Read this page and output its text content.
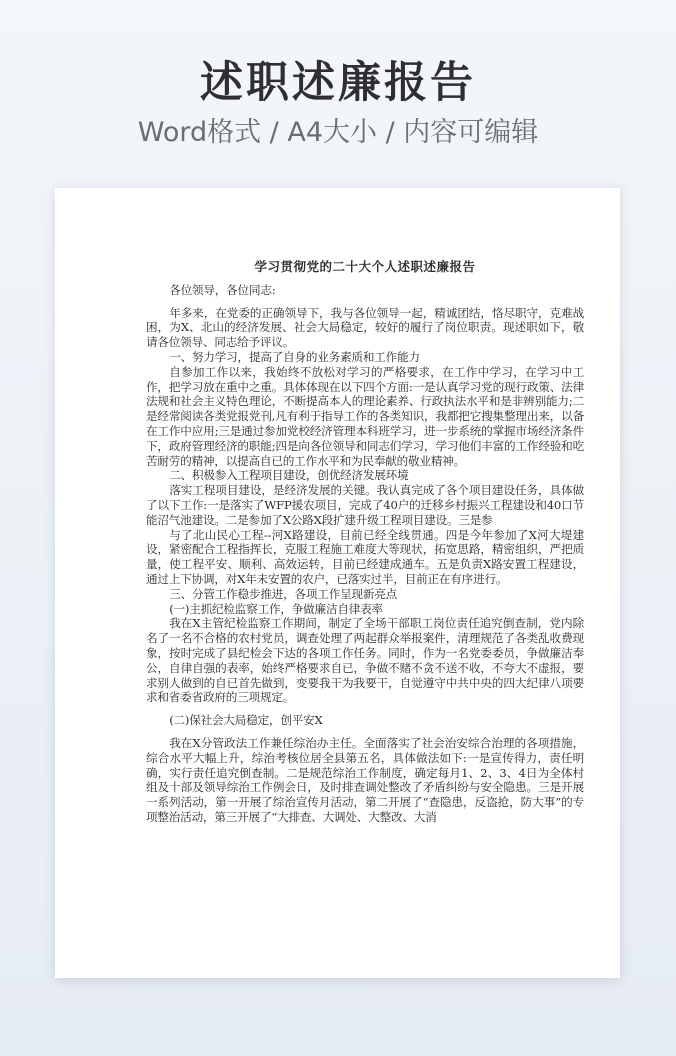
述职述廉报告
Word格式 / A4大小 / 内容可编辑
学习贯彻党的二十大个人述职述廉报告

各位领导，各位同志:

年多来，在党委的正确领导下，我与各位领导一起，精诚团结，恪尽职守，克难战困，为X、北山的经济发展、社会大局稳定，较好的履行了岗位职责。现述职如下，敬请各位领导、同志给予评议。

一、努力学习，提高了自身的业务素质和工作能力

自参加工作以来，我始终不放松对学习的严格要求，在工作中学习，在学习中工作，把学习放在重中之重。具体体现在以下四个方面:一是认真学习党的现行政策、法律法规和社会主义特色理论，不断提高本人的理论素养、行政执法水平和是非辨别能力;二是经常阅读各类党报党刊,凡有利于指导工作的各类知识，我都把它搜集整理出来，以备在工作中应用;三是通过参加党校经济管理本科班学习，进一步系统的掌握市场经济条件下，政府管理经济的职能;四是向各位领导和同志们学习，学习他们丰富的工作经验和吃苦耐劳的精神，以提高自已的工作水平和为民奉献的敬业精神。

二、积极参入工程项目建设，创优经济发展环境

落实工程项目建设，是经济发展的关键。我认真完成了各个项目建设任务，具体做了以下工作:一是落实了WFP援农项目，完成了40户的迁移乡村振兴工程建设和40口节能沼气池建设。二是参加了X公路X段扩建升级工程项目建设。三是参

与了北山民心工程--河X路建设，目前已经全线贯通。四是今年参加了X河大堤建设，紧密配合工程指挥长，克服工程施工难度大等现状，拓宽思路，精密组织，严把质量，使工程平安、顺利、高效运转，目前已经建成通车。五是负责X路安置工程建设，通过上下协调，对X年未安置的农户，已落实过半，目前正在有序进行。

三、分管工作稳步推进，各项工作呈现新亮点

(一)主抓纪检监察工作，争做廉洁自律表率

我在X主管纪检监察工作期间，制定了全场干部职工岗位责任追究倒查制，党内除名了一名不合格的农村党员，调查处理了两起群众举报案件，清理规范了各类乱收费现象，按时完成了县纪检会下达的各项工作任务。同时，作为一名党委委员，争做廉洁奉公，自律自强的表率，始终严格要求自已，争做不赌不贪不送不收，不夸大不虚报，要求别人做到的自已首先做到，变要我干为我要干，自觉遵守中共中央的四大纪律八项要求和省委省政府的三项规定。

(二)保社会大局稳定，创平安X

我在X分管政法工作兼任综治办主任。全面落实了社会治安综合治理的各项措施，综合水平大幅上升，综治考核位居全县第五名，具体做法如下:一是宣传得力，责任明确，实行责任追究倒查制。二是规范综治工作制度，确定每月1、2、3、4日为全体村组及十部及领导综治工作例会日，及时排查调处整改了矛盾纠纷与安全隐患。三是开展一系列活动，第一开展了综治宣传月活动，第二开展了“查隐患，反盗抢，防大事”的专项整治活动，第三开展了“大排查、大调处、大整改、大消
